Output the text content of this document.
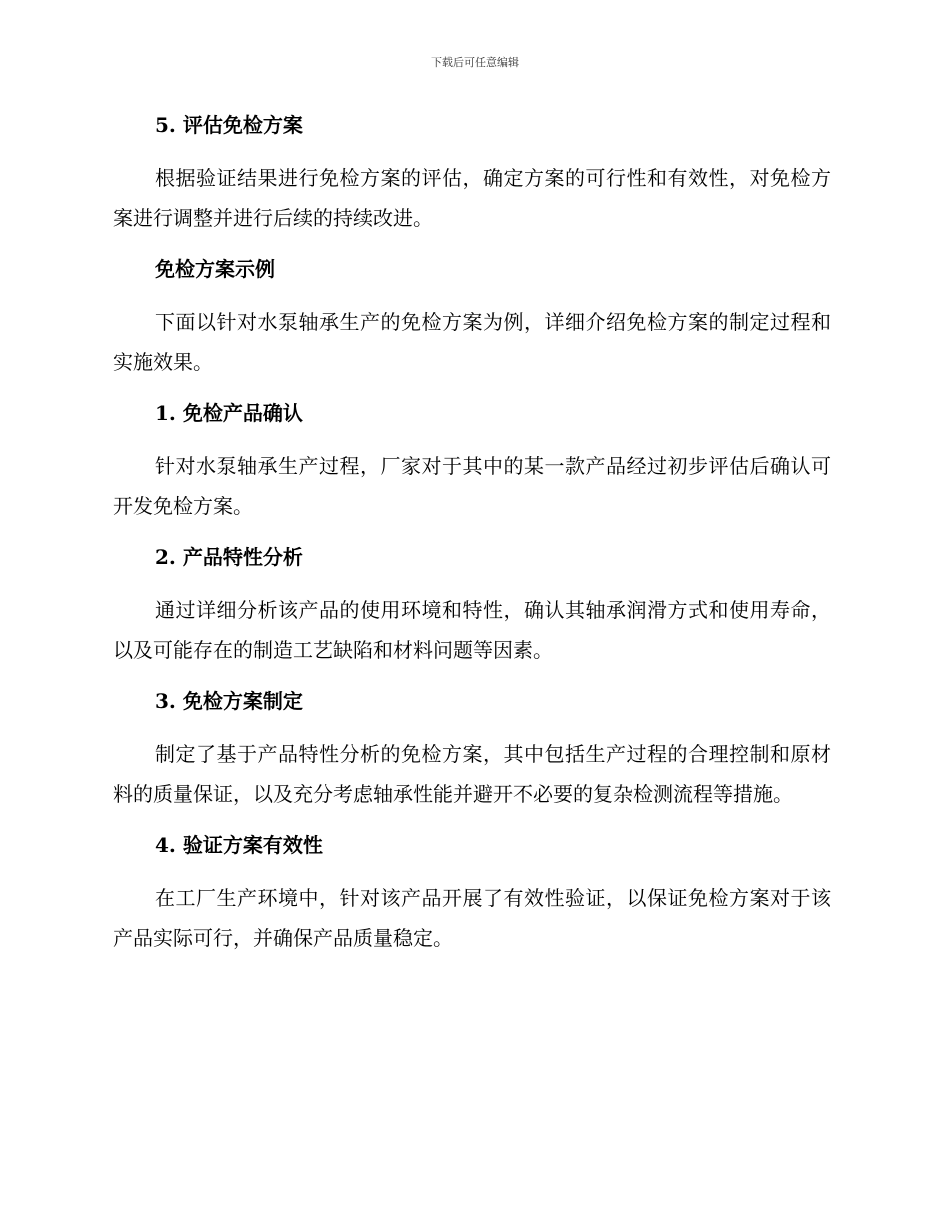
下载后可任意编辑
5. 评估免检方案
根据验证结果进行免检方案的评估，确定方案的可行性和有效性，对免检方案进行调整并进行后续的持续改进。
免检方案示例
下面以针对水泵轴承生产的免检方案为例，详细介绍免检方案的制定过程和实施效果。
1. 免检产品确认
针对水泵轴承生产过程，厂家对于其中的某一款产品经过初步评估后确认可开发免检方案。
2. 产品特性分析
通过详细分析该产品的使用环境和特性，确认其轴承润滑方式和使用寿命，以及可能存在的制造工艺缺陷和材料问题等因素。
3. 免检方案制定
制定了基于产品特性分析的免检方案，其中包括生产过程的合理控制和原材料的质量保证，以及充分考虑轴承性能并避开不必要的复杂检测流程等措施。
4. 验证方案有效性
在工厂生产环境中，针对该产品开展了有效性验证，以保证免检方案对于该产品实际可行，并确保产品质量稳定。
